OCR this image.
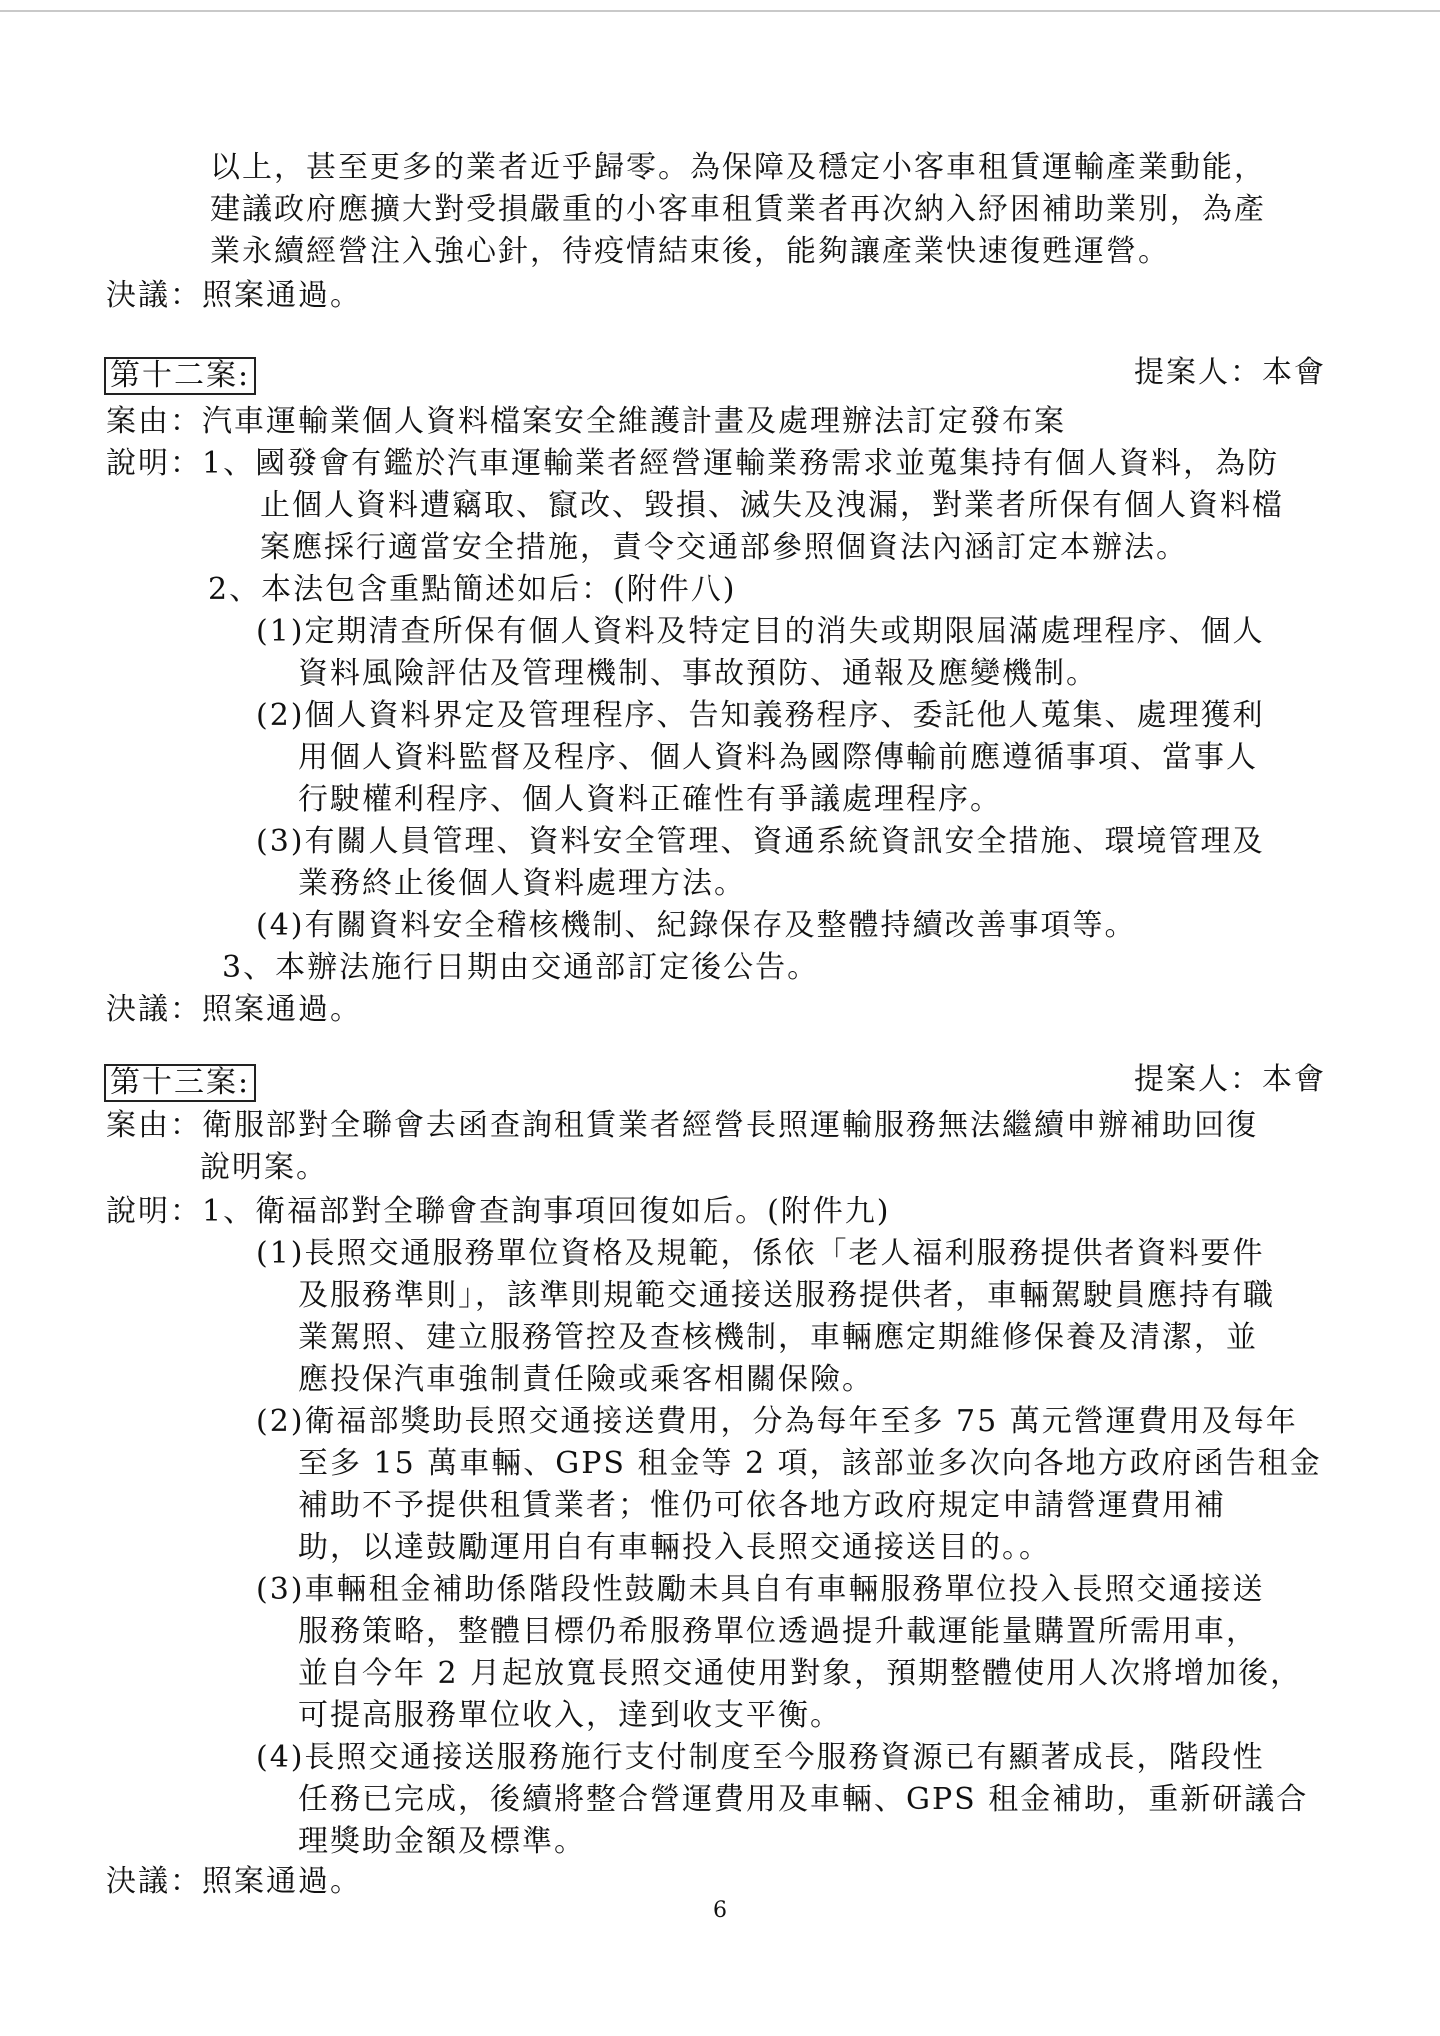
以上，甚至更多的業者近乎歸零。為保障及穩定小客車租賃運輸產業動能，
建議政府應擴大對受損嚴重的小客車租賃業者再次納入紓困補助業別，為產
業永續經營注入強心針，待疫情結束後，能夠讓產業快速復甦運營。
決議：照案通過。
第十二案:	提案人：本會
案由：汽車運輸業個人資料檔案安全維護計畫及處理辦法訂定發布案
說明：1、國發會有鑑於汽車運輸業者經營運輸業務需求並蒐集持有個人資料，為防
止個人資料遭竊取、竄改、毀損、滅失及洩漏，對業者所保有個人資料檔
案應採行適當安全措施，責令交通部參照個資法內涵訂定本辦法。
2、本法包含重點簡述如后：(附件八)
(1)定期清查所保有個人資料及特定目的消失或期限屆滿處理程序、個人
資料風險評估及管理機制、事故預防、通報及應變機制。
(2)個人資料界定及管理程序、告知義務程序、委託他人蒐集、處理獲利
用個人資料監督及程序、個人資料為國際傳輸前應遵循事項、當事人
行駛權利程序、個人資料正確性有爭議處理程序。
(3)有關人員管理、資料安全管理、資通系統資訊安全措施、環境管理及
業務終止後個人資料處理方法。
(4)有關資料安全稽核機制、紀錄保存及整體持續改善事項等。
3、本辦法施行日期由交通部訂定後公告。
決議：照案通過。
第十三案:	提案人：本會
案由：衛服部對全聯會去函查詢租賃業者經營長照運輸服務無法繼續申辦補助回復
說明案。
說明：1、衛福部對全聯會查詢事項回復如后。(附件九)
(1)長照交通服務單位資格及規範，係依「老人福利服務提供者資料要件
及服務準則」，該準則規範交通接送服務提供者，車輛駕駛員應持有職
業駕照、建立服務管控及查核機制，車輛應定期維修保養及清潔，並
應投保汽車強制責任險或乘客相關保險。
(2)衛福部獎助長照交通接送費用，分為每年至多 75 萬元營運費用及每年
至多 15 萬車輛、GPS 租金等 2 項，該部並多次向各地方政府函告租金
補助不予提供租賃業者；惟仍可依各地方政府規定申請營運費用補
助，以達鼓勵運用自有車輛投入長照交通接送目的。。
(3)車輛租金補助係階段性鼓勵未具自有車輛服務單位投入長照交通接送
服務策略，整體目標仍希服務單位透過提升載運能量購置所需用車，
並自今年 2 月起放寬長照交通使用對象，預期整體使用人次將增加後，
可提高服務單位收入，達到收支平衡。
(4)長照交通接送服務施行支付制度至今服務資源已有顯著成長，階段性
任務已完成，後續將整合營運費用及車輛、GPS 租金補助，重新研議合
理獎助金額及標準。
決議：照案通過。
6
